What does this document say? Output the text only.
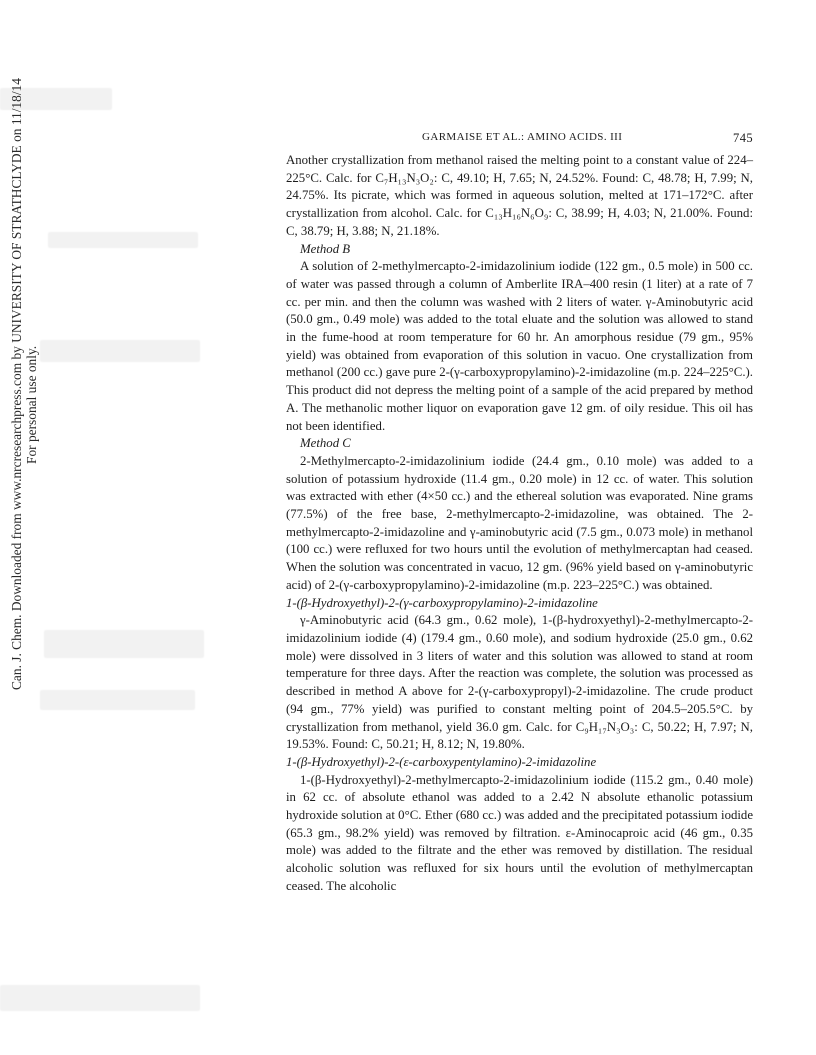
Can. J. Chem. Downloaded from www.nrcresearchpress.com by UNIVERSITY OF STRATHCLYDE on 11/18/14 For personal use only.
GARMAISE ET AL.: AMINO ACIDS. III	745

Another crystallization from methanol raised the melting point to a constant value of 224–225°C. Calc. for C₇H₁₃N₃O₂: C, 49.10; H, 7.65; N, 24.52%. Found: C, 48.78; H, 7.99; N, 24.75%. Its picrate, which was formed in aqueous solution, melted at 171–172°C. after crystallization from alcohol. Calc. for C₁₃H₁₆N₆O₉: C, 38.99; H, 4.03; N, 21.00%. Found: C, 38.79; H, 3.88; N, 21.18%.

Method B

A solution of 2-methylmercapto-2-imidazolinium iodide (122 gm., 0.5 mole) in 500 cc. of water was passed through a column of Amberlite IRA–400 resin (1 liter) at a rate of 7 cc. per min. and then the column was washed with 2 liters of water. γ-Aminobutyric acid (50.0 gm., 0.49 mole) was added to the total eluate and the solution was allowed to stand in the fume-hood at room temperature for 60 hr. An amorphous residue (79 gm., 95% yield) was obtained from evaporation of this solution in vacuo. One crystallization from methanol (200 cc.) gave pure 2-(γ-carboxypropylamino)-2-imidazoline (m.p. 224–225°C.). This product did not depress the melting point of a sample of the acid prepared by method A. The methanolic mother liquor on evaporation gave 12 gm. of oily residue. This oil has not been identified.

Method C

2-Methylmercapto-2-imidazolinium iodide (24.4 gm., 0.10 mole) was added to a solution of potassium hydroxide (11.4 gm., 0.20 mole) in 12 cc. of water. This solution was extracted with ether (4×50 cc.) and the ethereal solution was evaporated. Nine grams (77.5%) of the free base, 2-methylmercapto-2-imidazoline, was obtained. The 2-methylmercapto-2-imidazoline and γ-aminobutyric acid (7.5 gm., 0.073 mole) in methanol (100 cc.) were refluxed for two hours until the evolution of methylmercaptan had ceased. When the solution was concentrated in vacuo, 12 gm. (96% yield based on γ-aminobutyric acid) of 2-(γ-carboxypropylamino)-2-imidazoline (m.p. 223–225°C.) was obtained.

1-(β-Hydroxyethyl)-2-(γ-carboxypropylamino)-2-imidazoline

γ-Aminobutyric acid (64.3 gm., 0.62 mole), 1-(β-hydroxyethyl)-2-methylmercapto-2-imidazolinium iodide (4) (179.4 gm., 0.60 mole), and sodium hydroxide (25.0 gm., 0.62 mole) were dissolved in 3 liters of water and this solution was allowed to stand at room temperature for three days. After the reaction was complete, the solution was processed as described in method A above for 2-(γ-carboxypropyl)-2-imidazoline. The crude product (94 gm., 77% yield) was purified to constant melting point of 204.5–205.5°C. by crystallization from methanol, yield 36.0 gm. Calc. for C₉H₁₇N₃O₃: C, 50.22; H, 7.97; N, 19.53%. Found: C, 50.21; H, 8.12; N, 19.80%.

1-(β-Hydroxyethyl)-2-(ε-carboxypentylamino)-2-imidazoline

1-(β-Hydroxyethyl)-2-methylmercapto-2-imidazolinium iodide (115.2 gm., 0.40 mole) in 62 cc. of absolute ethanol was added to a 2.42 N absolute ethanolic potassium hydroxide solution at 0°C. Ether (680 cc.) was added and the precipitated potassium iodide (65.3 gm., 98.2% yield) was removed by filtration. ε-Aminocaproic acid (46 gm., 0.35 mole) was added to the filtrate and the ether was removed by distillation. The residual alcoholic solution was refluxed for six hours until the evolution of methylmercaptan ceased. The alcoholic
